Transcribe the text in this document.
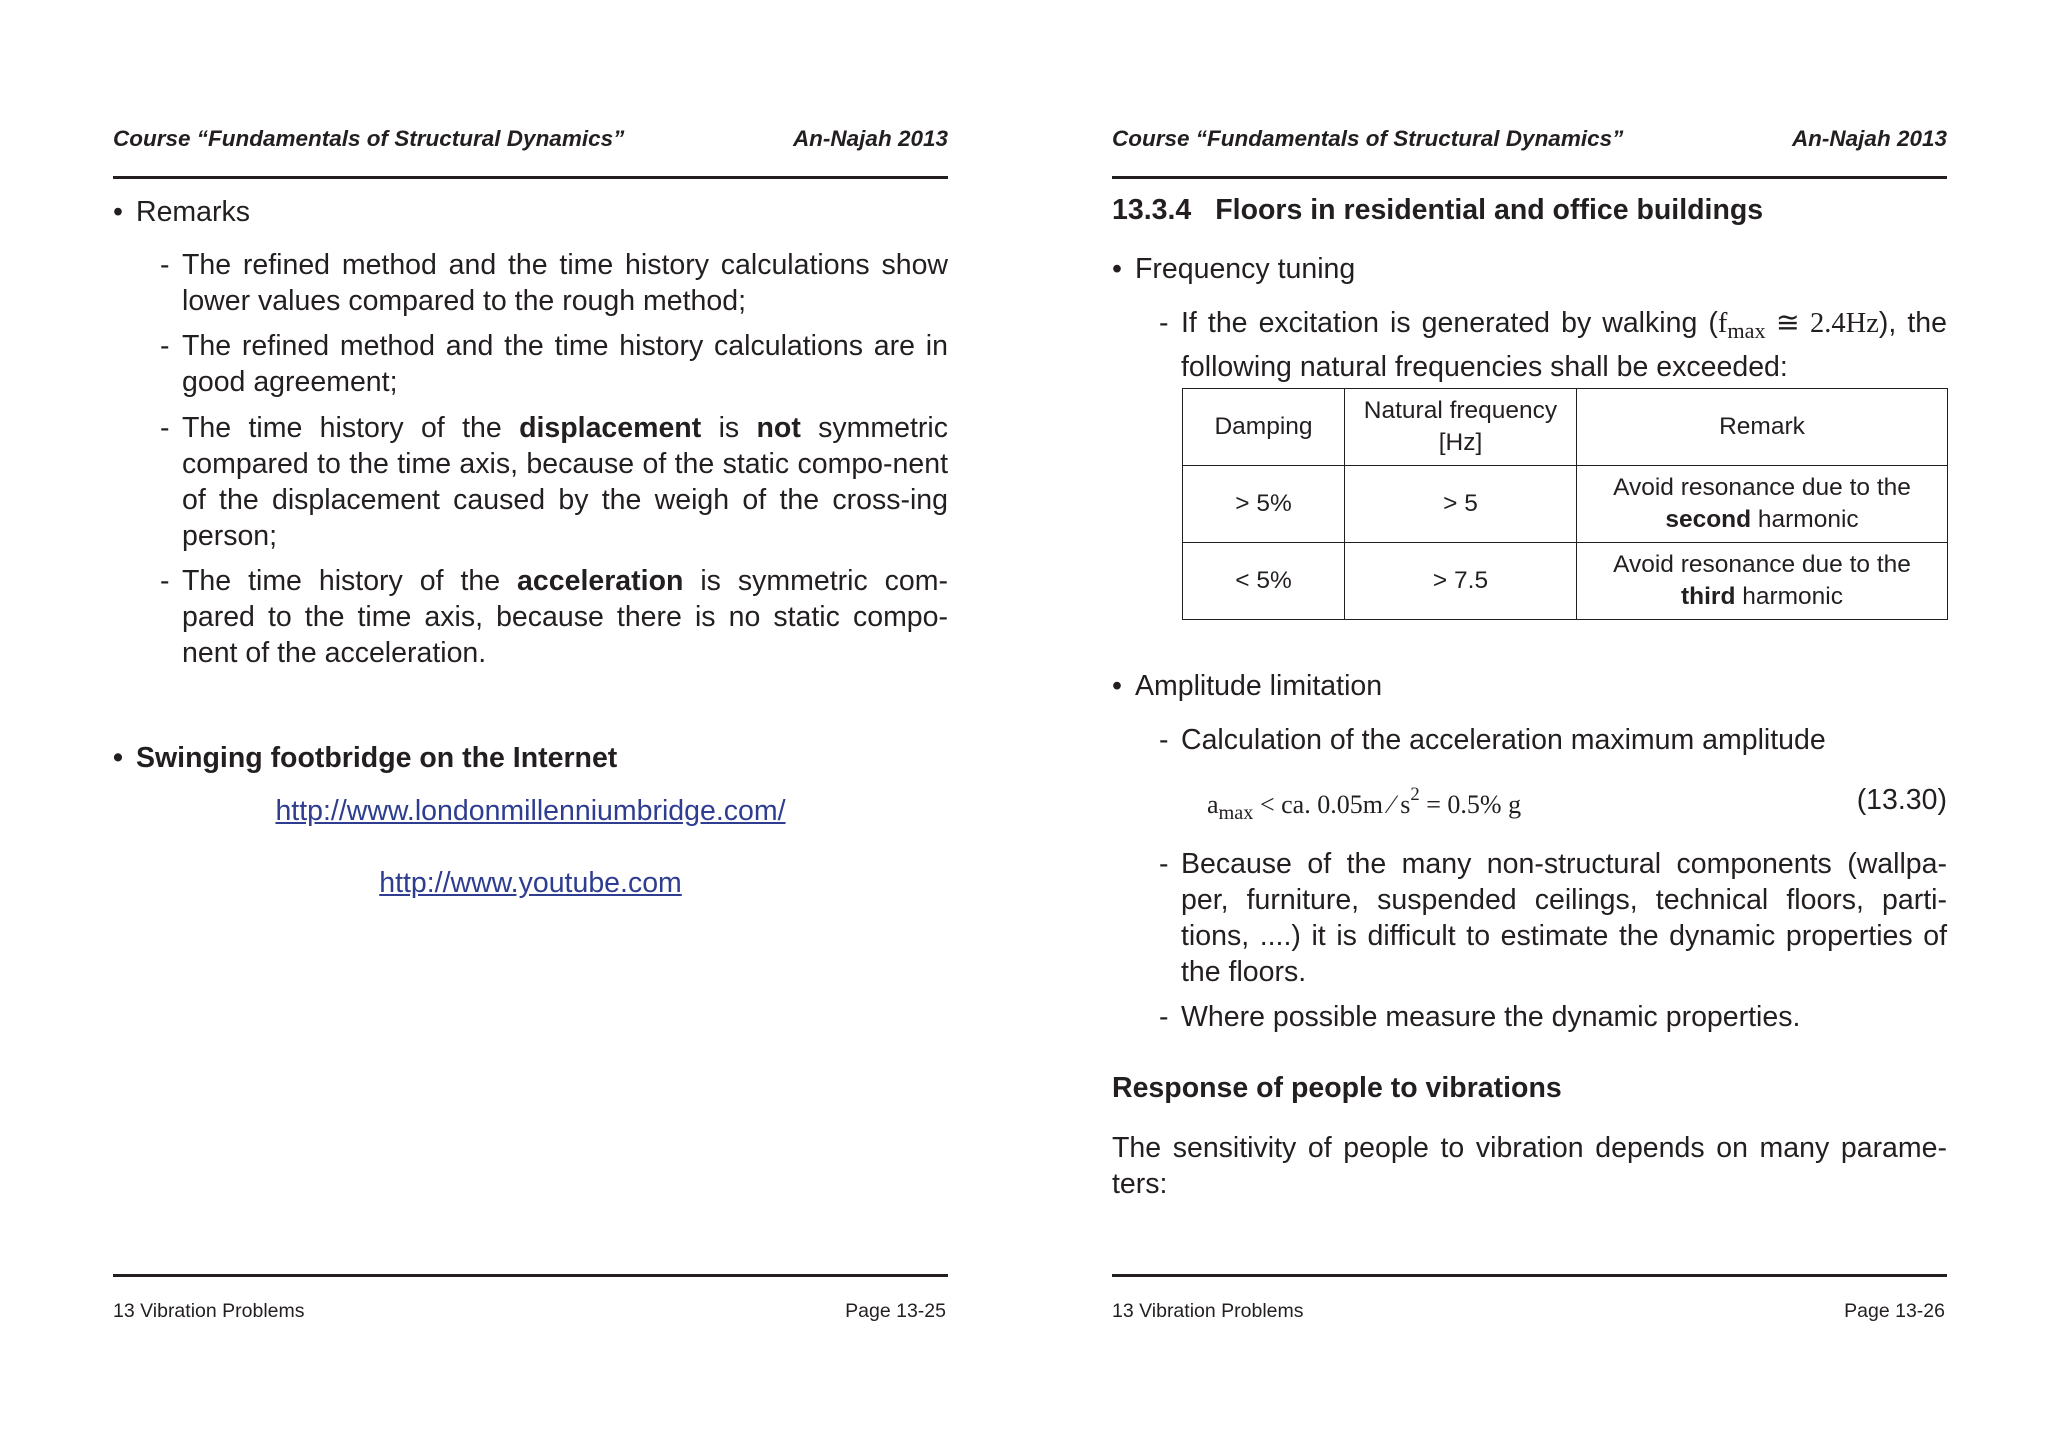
Course “Fundamentals of Structural Dynamics”	An-Najah 2013
• Remarks
- The refined method and the time history calculations show lower values compared to the rough method;
- The refined method and the time history calculations are in good agreement;
- The time history of the displacement is not symmetric compared to the time axis, because of the static compo-nent of the displacement caused by the weigh of the cross-ing person;
- The time history of the acceleration is symmetric com-pared to the time axis, because there is no static compo-nent of the acceleration.
• Swinging footbridge on the Internet
http://www.londonmillenniumbridge.com/
http://www.youtube.com
13 Vibration Problems	Page 13-25
Course “Fundamentals of Structural Dynamics”	An-Najah 2013
13.3.4 Floors in residential and office buildings
• Frequency tuning
- If the excitation is generated by walking ($f_{max}$ ≅ 2.4Hz), the following natural frequencies shall be exceeded:
Damping	Natural frequency [Hz]	Remark
> 5%	> 5	Avoid resonance due to the
second harmonic
< 5%	> 7.5	Avoid resonance due to the
third harmonic
• Amplitude limitation
- Calculation of the acceleration maximum amplitude
$a_{max}$ < ca. 0.05m ⁄ $s^2 = 0.5\%$ g	(13.30)
- Because of the many non-structural components (wallpa-per, furniture, suspended ceilings, technical floors, parti-tions, ....) it is difficult to estimate the dynamic properties of the floors.
- Where possible measure the dynamic properties.
Response of people to vibrations
The sensitivity of people to vibration depends on many parame-ters:
13 Vibration Problems	Page 13-26
